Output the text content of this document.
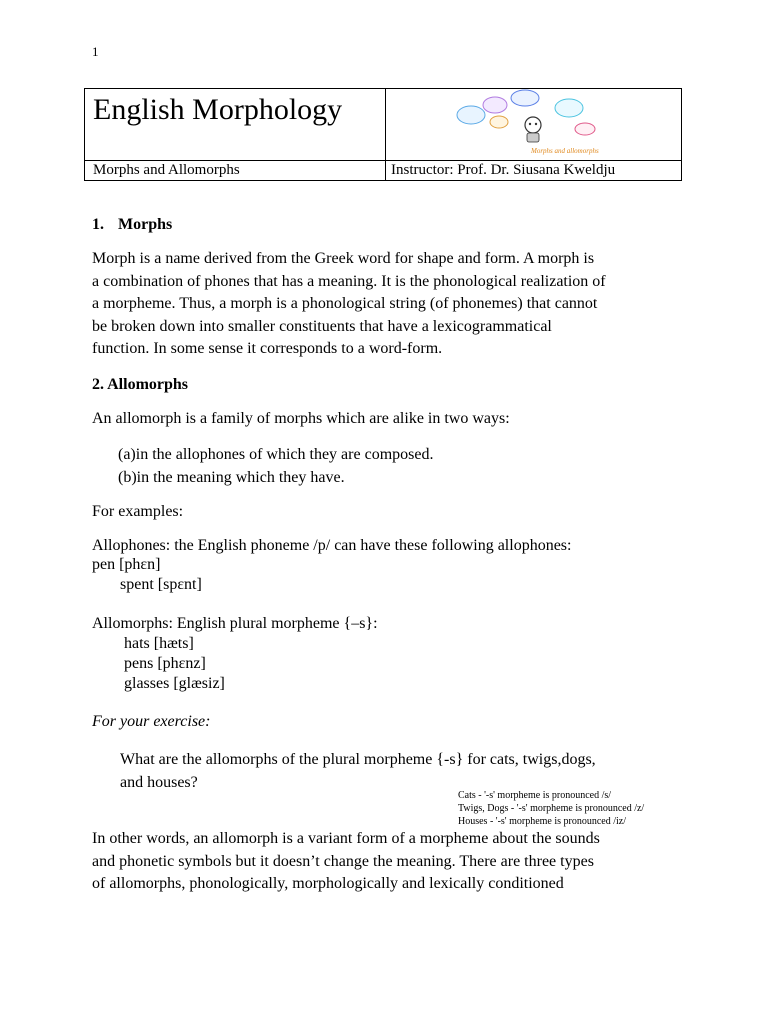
1
English Morphology
Morphs and Allomorphs	Instructor: Prof. Dr. Siusana Kweldju
Morphs and allomorphs
1. Morphs
Morph is a name derived from the Greek word for shape and form. A morph is
a combination of phones that has a meaning. It is the phonological realization of
a morpheme. Thus, a morph is a phonological string (of phonemes) that cannot
be broken down into smaller constituents that have a lexicogrammatical
function. In some sense it corresponds to a word-form.
2. Allomorphs
An allomorph is a family of morphs which are alike in two ways:
(a)in the allophones of which they are composed.
(b)in the meaning which they have.
For examples:
Allophones: the English phoneme /p/ can have these following allophones:
pen [phɛn]
spent [spɛnt]
Allomorphs: English plural morpheme {–s}:
hats [hæts]
pens [phɛnz]
glasses [glæsiz]
For your exercise:
What are the allomorphs of the plural morpheme {-s} for cats, twigs,dogs,
and houses?
Cats - '-s' morpheme is pronounced /s/
Twigs, Dogs - '-s' morpheme is pronounced /z/
Houses - '-s' morpheme is pronounced /iz/
In other words, an allomorph is a variant form of a morpheme about the sounds
and phonetic symbols but it doesn’t change the meaning. There are three types
of allomorphs, phonologically, morphologically and lexically conditioned
